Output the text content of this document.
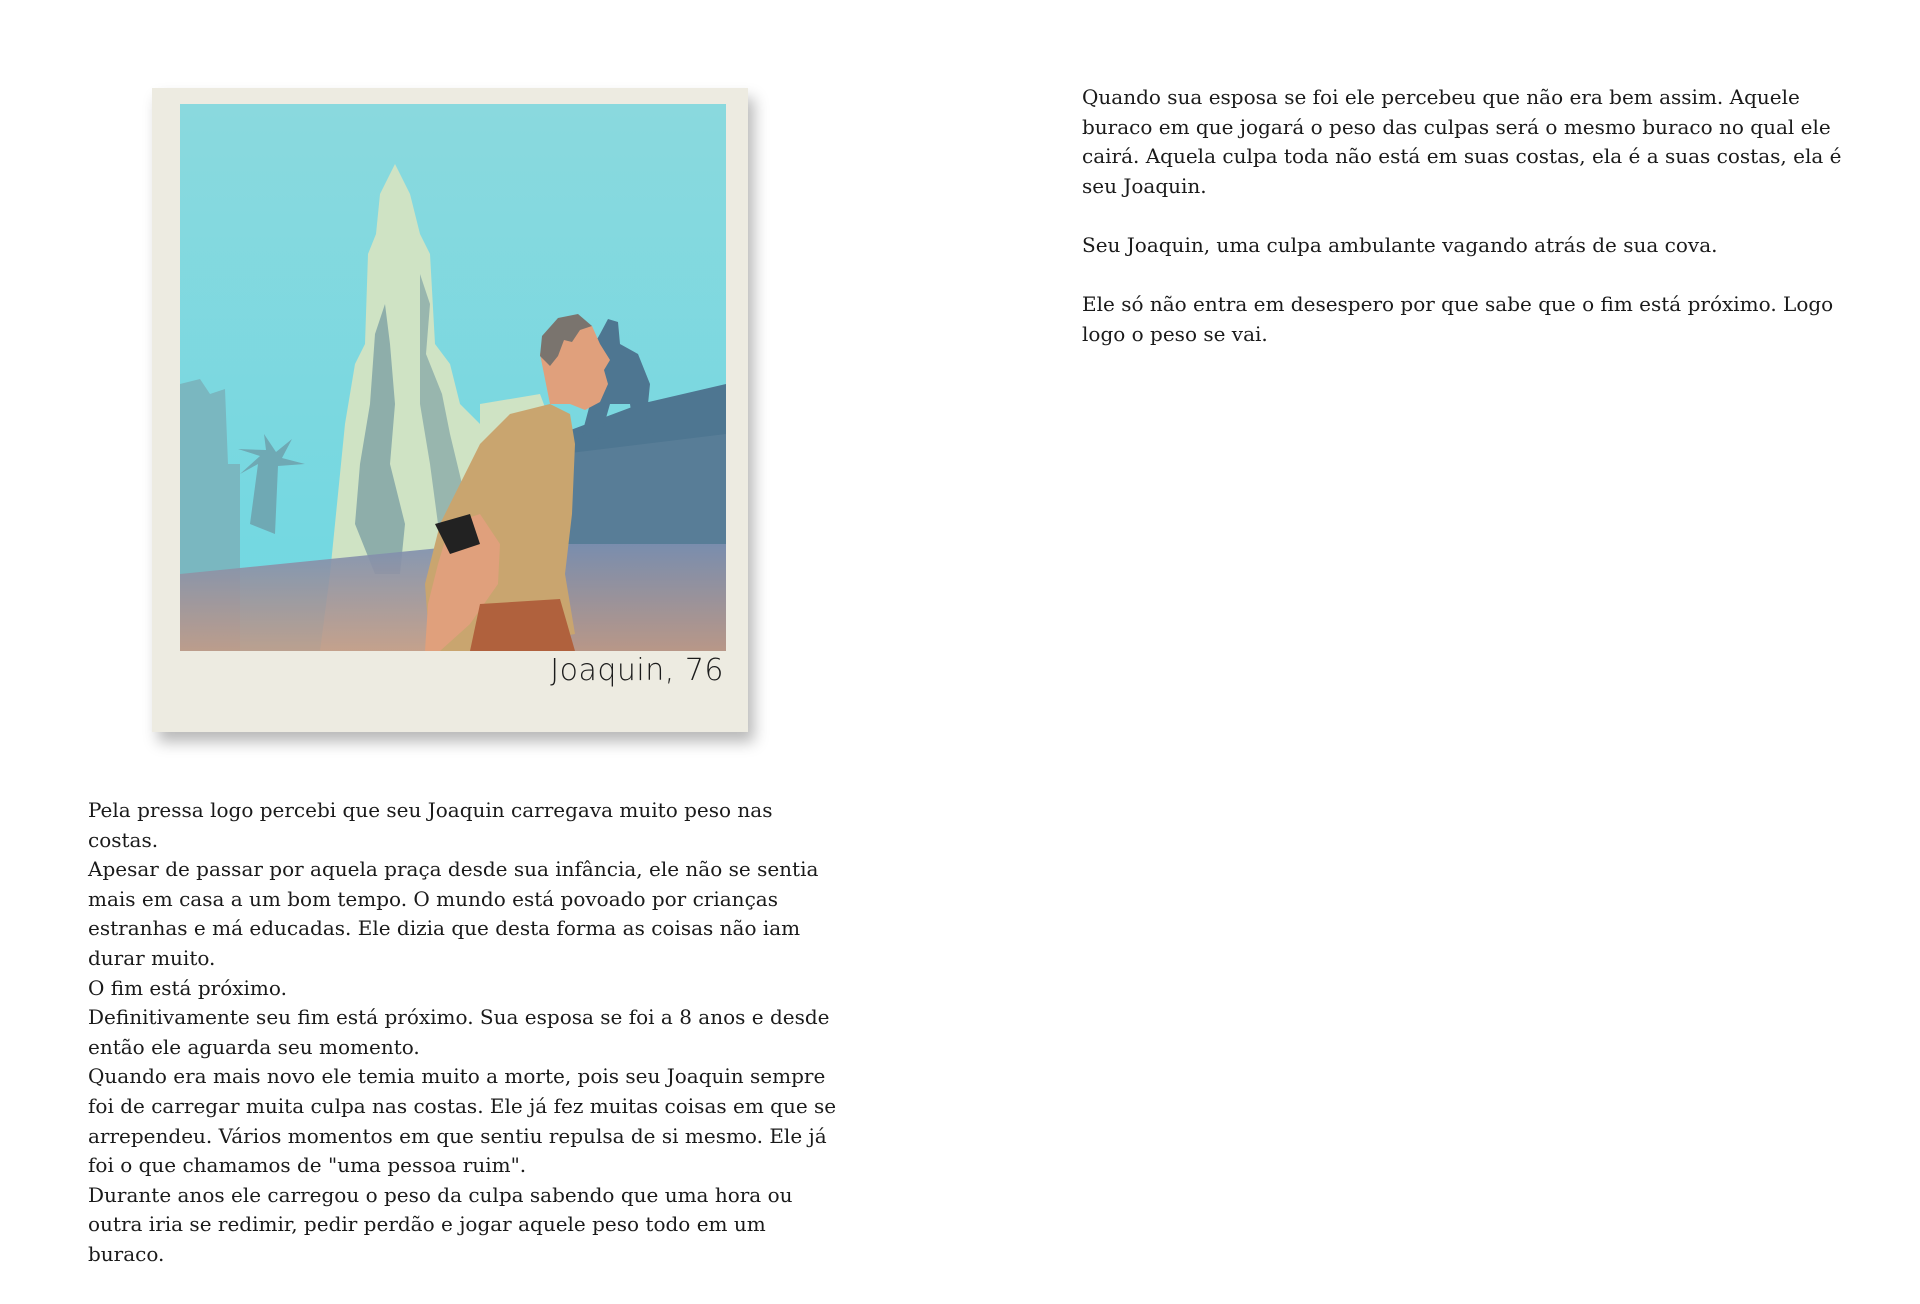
Joaquin, 76

Pela pressa logo percebi que seu Joaquin carregava muito peso nas costas.

Apesar de passar por aquela praça desde sua infância, ele não se sentia mais em casa a um bom tempo. O mundo está povoado por crianças estranhas e má educadas. Ele dizia que desta forma as coisas não iam durar muito.

O fim está próximo.

Definitivamente seu fim está próximo. Sua esposa se foi a 8 anos e desde então ele aguarda seu momento.

Quando era mais novo ele temia muito a morte, pois seu Joaquin sempre foi de carregar muita culpa nas costas. Ele já fez muitas coisas em que se arrependeu. Vários momentos em que sentiu repulsa de si mesmo. Ele já foi o que chamamos de "uma pessoa ruim".

Durante anos ele carregou o peso da culpa sabendo que uma hora ou outra iria se redimir, pedir perdão e jogar aquele peso todo em um buraco.

Quando sua esposa se foi ele percebeu que não era bem assim. Aquele buraco em que jogará o peso das culpas será o mesmo buraco no qual ele cairá. Aquela culpa toda não está em suas costas, ela é a suas costas, ela é seu Joaquin.

Seu Joaquin, uma culpa ambulante vagando atrás de sua cova.

Ele só não entra em desespero por que sabe que o fim está próximo. Logo logo o peso se vai.
